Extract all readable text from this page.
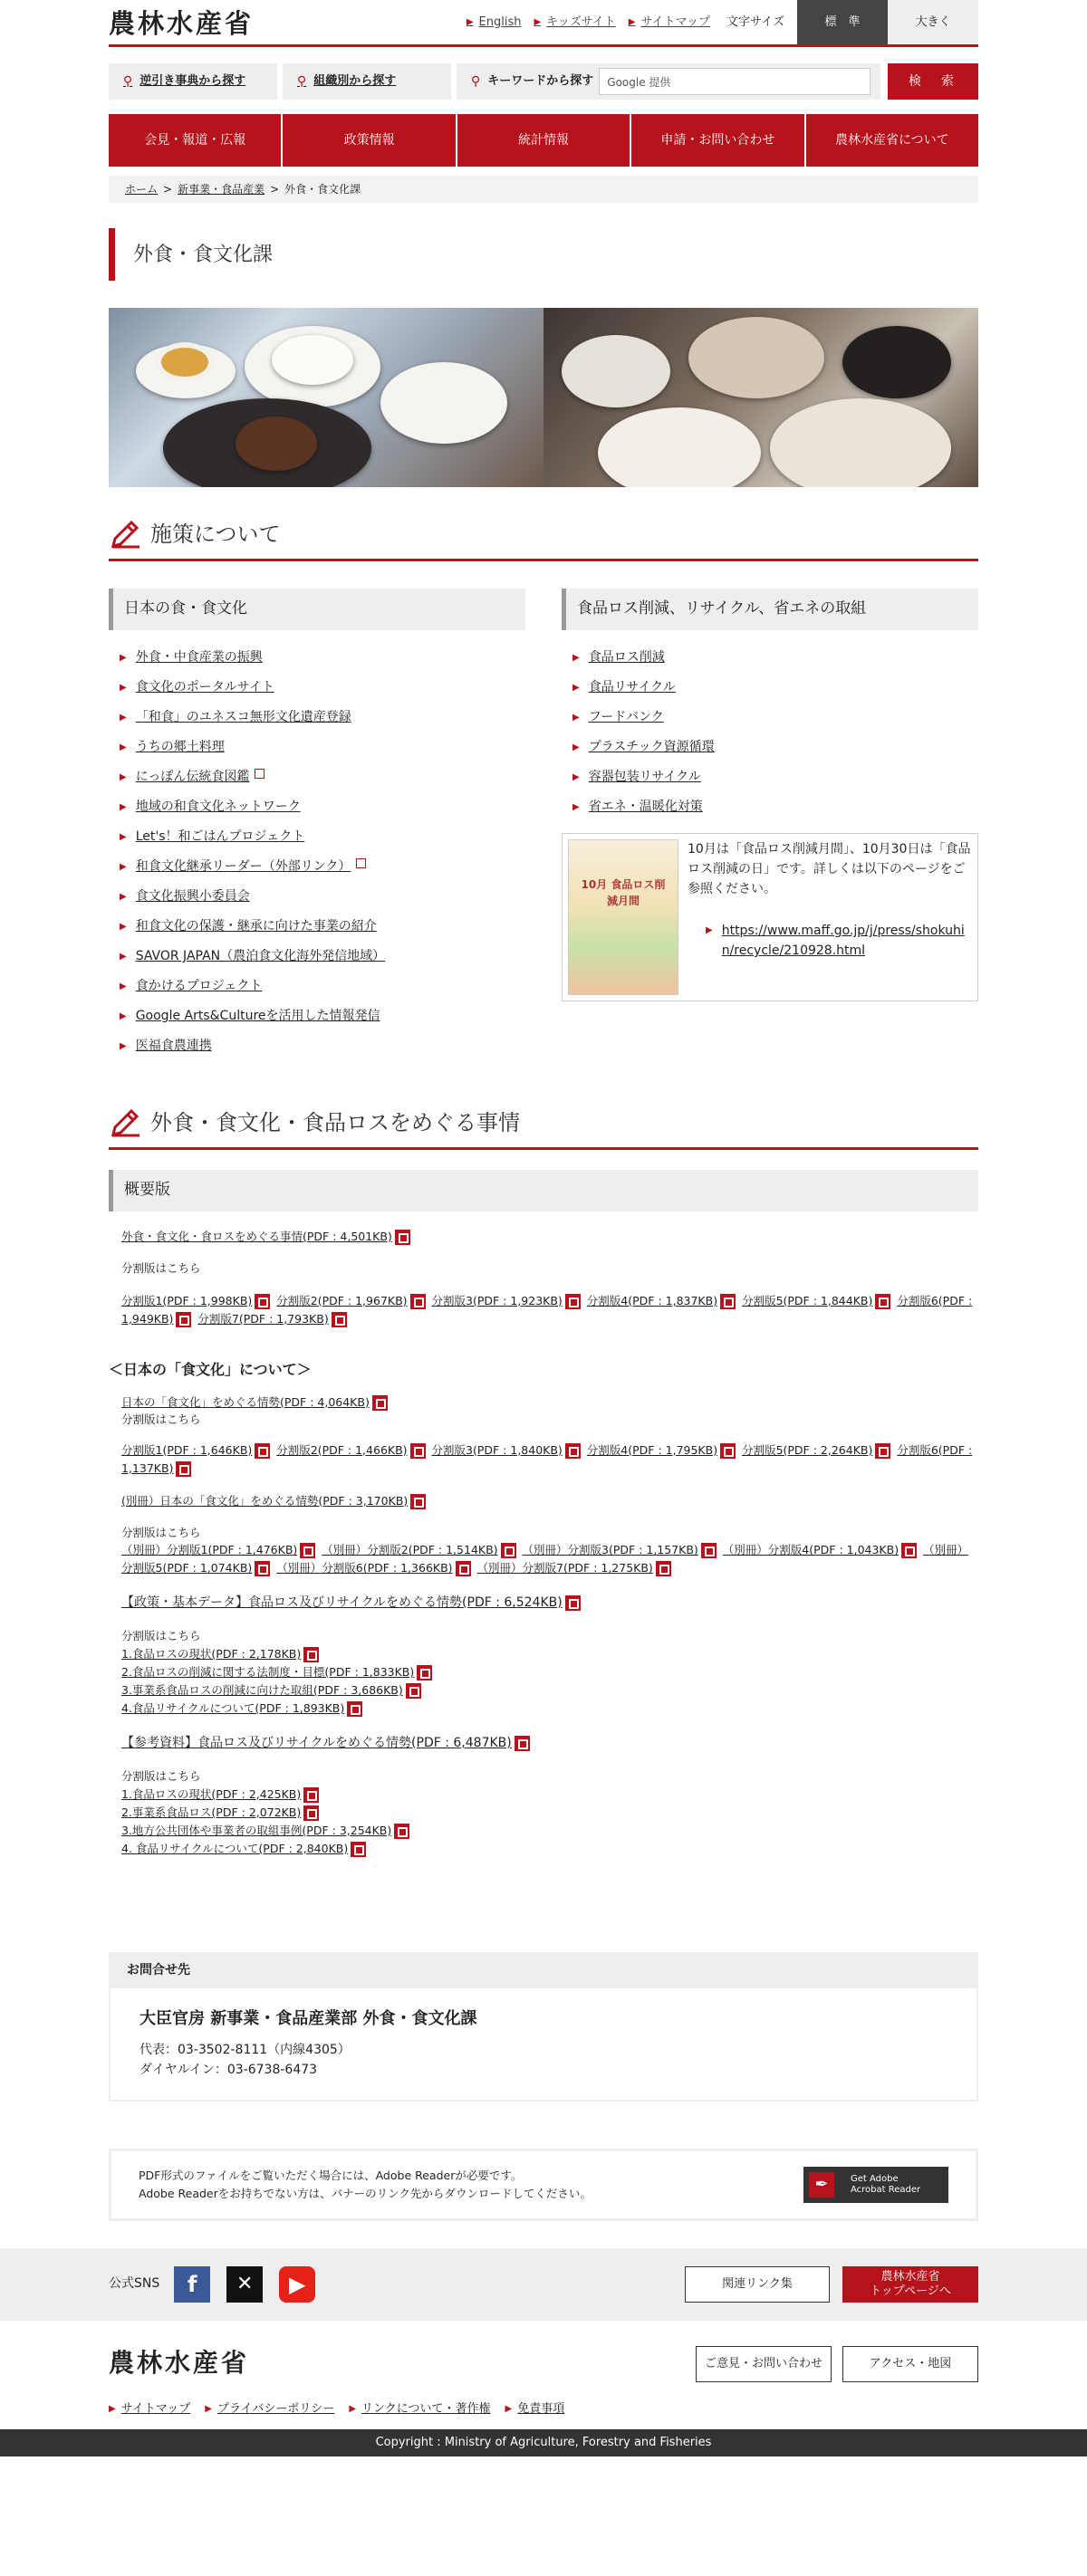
農林水産省	▶ English ▶ キッズサイト ▶ サイトマップ 文字サイズ	標　準	大きく
⚲ 逆引き事典から探す	⚲ 組織別から探す	⚲ キーワードから探す	Google 提供	検　索
会見・報道・広報	政策情報	統計情報	申請・お問い合わせ	農林水産省について
ホーム > 新事業・食品産業 > 外食・食文化課
外食・食文化課
施策について
日本の食・食文化
▶ 外食・中食産業の振興
▶ 食文化のポータルサイト
▶ 「和食」のユネスコ無形文化遺産登録
▶ うちの郷土料理
▶ にっぽん伝統食図鑑
▶ 地域の和食文化ネットワーク
▶ Let's！和ごはんプロジェクト
▶ 和食文化継承リーダー（外部リンク）
▶ 食文化振興小委員会
▶ 和食文化の保護・継承に向けた事業の紹介
▶ SAVOR JAPAN（農泊食文化海外発信地域）
▶ 食かけるプロジェクト
▶ Google Arts&Cultureを活用した情報発信
▶ 医福食農連携
食品ロス削減、リサイクル、省エネの取組
▶ 食品ロス削減
▶ 食品リサイクル
▶ フードバンク
▶ プラスチック資源循環
▶ 容器包装リサイクル
▶ 省エネ・温暖化対策
10月 食品ロス削減月間
10月は「食品ロス削減月間」、10月30日は「食品ロス削減の日」です。詳しくは以下のページをご参照ください。
▶ https://www.maff.go.jp/j/press/shokuhin/recycle/210928.html
外食・食文化・食品ロスをめぐる事情
概要版
外食・食文化・食ロスをめぐる事情(PDF : 4,501KB)
分割版はこちら
分割版1(PDF : 1,998KB) 分割版2(PDF : 1,967KB) 分割版3(PDF : 1,923KB) 分割版4(PDF : 1,837KB) 分割版5(PDF : 1,844KB) 分割版6(PDF : 1,949KB) 分割版7(PDF : 1,793KB)
＜日本の「食文化」について＞
日本の「食文化」をめぐる情勢(PDF : 4,064KB)
分割版はこちら
分割版1(PDF : 1,646KB) 分割版2(PDF : 1,466KB) 分割版3(PDF : 1,840KB) 分割版4(PDF : 1,795KB) 分割版5(PDF : 2,264KB) 分割版6(PDF : 1,137KB)
(別冊）日本の「食文化」をめぐる情勢(PDF : 3,170KB)
分割版はこちら
（別冊）分割版1(PDF : 1,476KB) （別冊）分割版2(PDF : 1,514KB) （別冊）分割版3(PDF : 1,157KB) （別冊）分割版4(PDF : 1,043KB) （別冊）分割版5(PDF : 1,074KB) （別冊）分割版6(PDF : 1,366KB) （別冊）分割版7(PDF : 1,275KB)
【政策・基本データ】食品ロス及びリサイクルをめぐる情勢(PDF : 6,524KB)
分割版はこちら
1.食品ロスの現状(PDF : 2,178KB)
2.食品ロスの削減に関する法制度・目標(PDF : 1,833KB)
3.事業系食品ロスの削減に向けた取組(PDF : 3,686KB)
4.食品リサイクルについて(PDF : 1,893KB)
【参考資料】食品ロス及びリサイクルをめぐる情勢(PDF : 6,487KB)
分割版はこちら
1.食品ロスの現状(PDF : 2,425KB)
2.事業系食品ロス(PDF : 2,072KB)
3.地方公共団体や事業者の取組事例(PDF : 3,254KB)
4. 食品リサイクルについて(PDF : 2,840KB)
お問合せ先
大臣官房 新事業・食品産業部 外食・食文化課
代表：03-3502-8111（内線4305）
ダイヤルイン：03-6738-6473
PDF形式のファイルをご覧いただく場合には、Adobe Readerが必要です。
Adobe Readerをお持ちでない方は、バナーのリンク先からダウンロードしてください。	✒	Get Adobe
Acrobat Reader
公式SNS	f	✕	▶	関連リンク集
農林水産省
トップページへ
農林水産省	ご意見・お問い合わせ	アクセス・地図
▶ サイトマップ ▶ プライバシーポリシー ▶ リンクについて・著作権 ▶ 免責事項
Copyright : Ministry of Agriculture, Forestry and Fisheries
